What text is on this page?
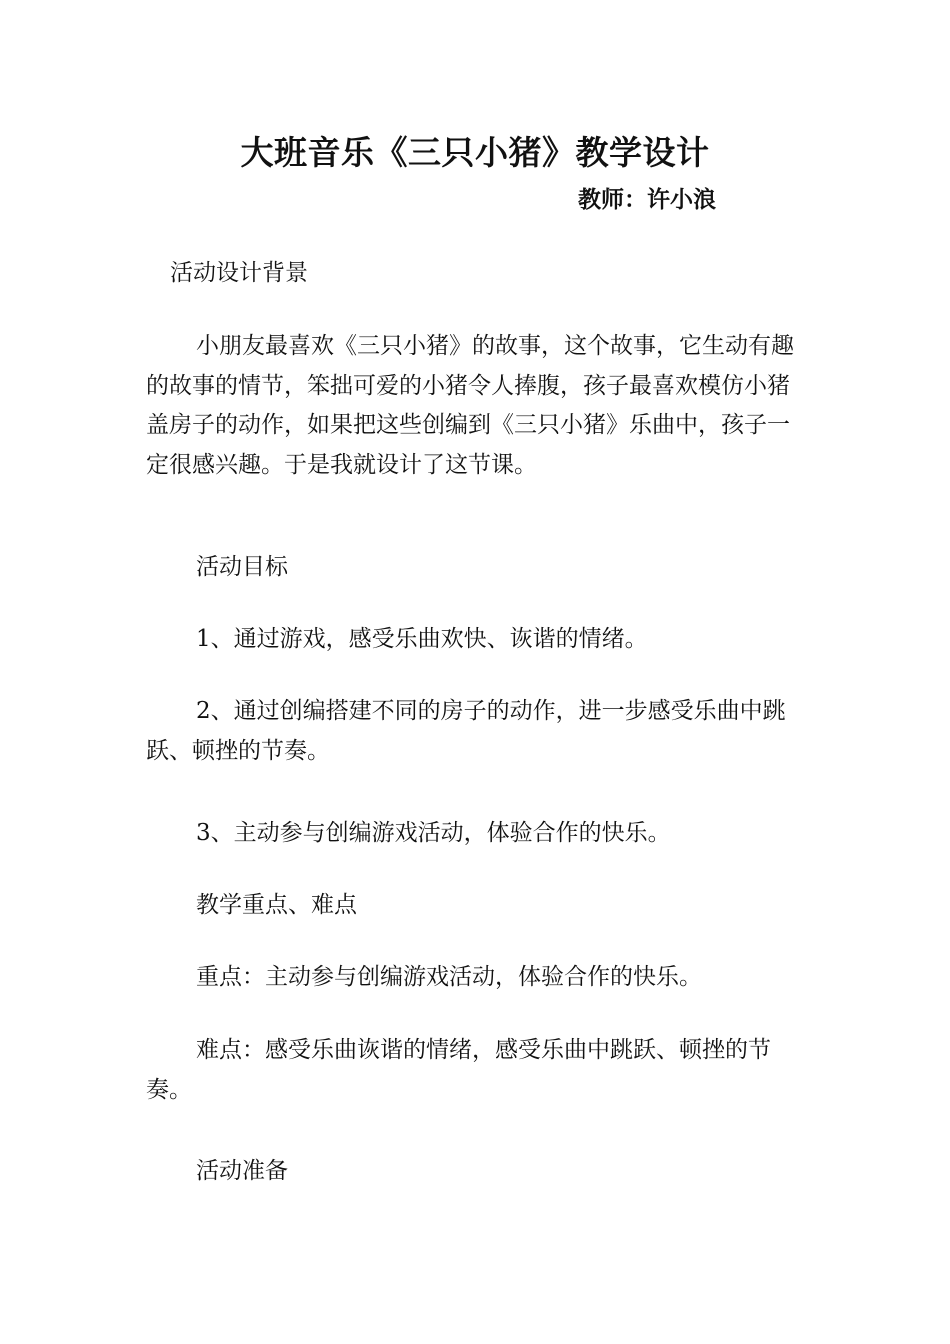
大班音乐《三只小猪》教学设计
教师：许小浪

活动设计背景

小朋友最喜欢《三只小猪》的故事，这个故事，它生动有趣的故事的情节，笨拙可爱的小猪令人捧腹，孩子最喜欢模仿小猪盖房子的动作，如果把这些创编到《三只小猪》乐曲中，孩子一定很感兴趣。于是我就设计了这节课。

活动目标

1、通过游戏，感受乐曲欢快、诙谐的情绪。

2、通过创编搭建不同的房子的动作，进一步感受乐曲中跳跃、顿挫的节奏。

3、主动参与创编游戏活动，体验合作的快乐。

教学重点、难点

重点：主动参与创编游戏活动，体验合作的快乐。

难点：感受乐曲诙谐的情绪，感受乐曲中跳跃、顿挫的节奏。

活动准备
